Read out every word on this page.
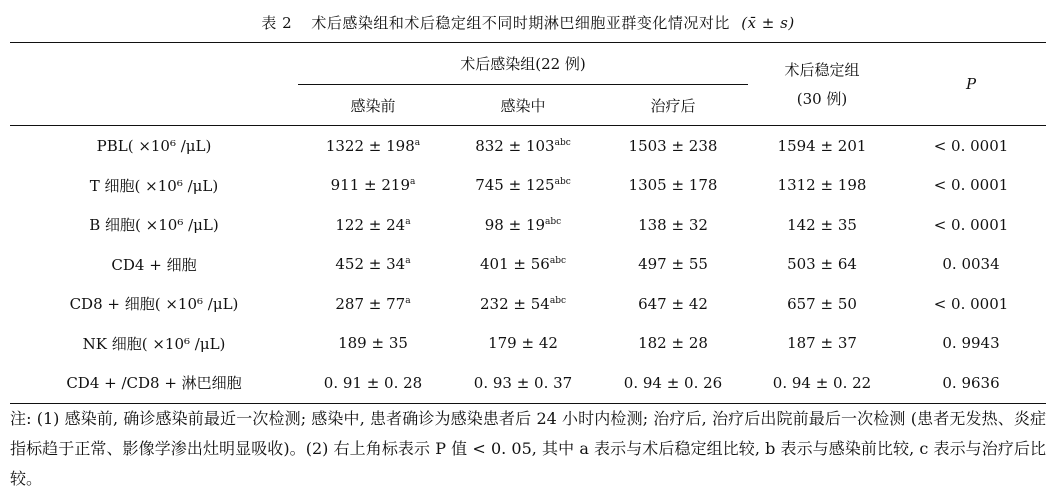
表 2 术后感染组和术后稳定组不同时期淋巴细胞亚群变化情况对比 (x̄ ± s)
	术后感染组(22 例)			术后稳定组
(30 例)	P
	感染前	感染中	治疗后		
PBL( ×10⁶ /μL)	$1322 \pm 198^a$	$832 \pm 103^{abc}$	1503 ± 238	1594 ± 201	< 0. 0001
T 细胞( ×10⁶ /μL)	$911 \pm 219^a$	$745 \pm 125^{abc}$	1305 ± 178	1312 ± 198	< 0. 0001
B 细胞( ×10⁶ /μL)	$122 \pm 24^a$	$98 \pm 19^{abc}$	138 ± 32	142 ± 35	< 0. 0001
CD4 + 细胞	$452 \pm 34^a$	$401 \pm 56^{abc}$	497 ± 55	503 ± 64	0. 0034
CD8 + 细胞( ×10⁶ /μL)	$287 \pm 77^a$	$232 \pm 54^{abc}$	647 ± 42	657 ± 50	< 0. 0001
NK 细胞( ×10⁶ /μL)	189 ± 35	179 ± 42	182 ± 28	187 ± 37	0. 9943
CD4 + /CD8 + 淋巴细胞	0. 91 ± 0. 28	0. 93 ± 0. 37	0. 94 ± 0. 26	0. 94 ± 0. 22	0. 9636

注: (1) 感染前, 确诊感染前最近一次检测; 感染中, 患者确诊为感染患者后 24 小时内检测; 治疗后, 治疗后出院前最后一次检测 (患者无发热、炎症指标趋于正常、影像学渗出灶明显吸收)。(2) 右上角标表示 P 值 < 0. 05, 其中 a 表示与术后稳定组比较, b 表示与感染前比较, c 表示与治疗后比较。
